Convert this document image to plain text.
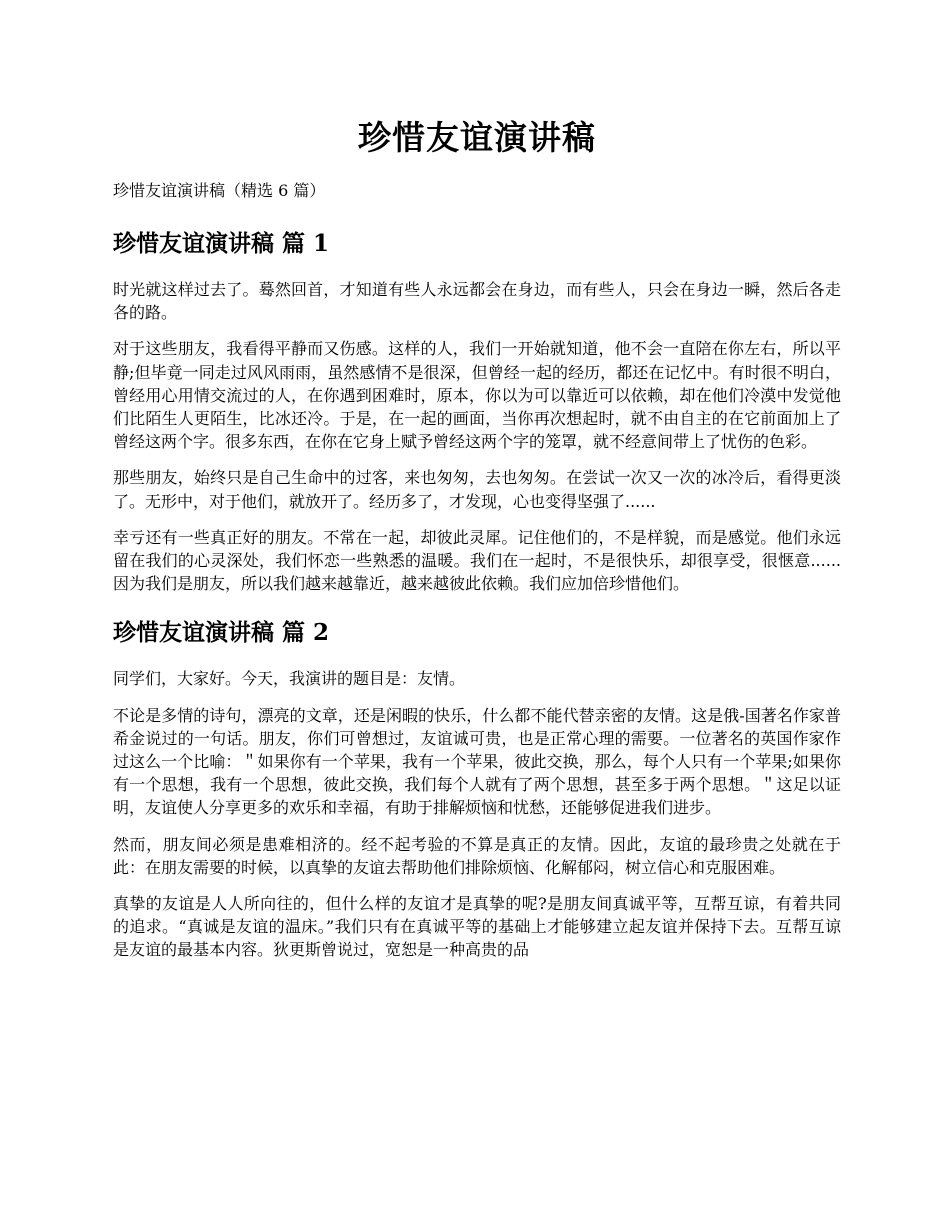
珍惜友谊演讲稿

珍惜友谊演讲稿（精选 6 篇）

珍惜友谊演讲稿 篇 1

时光就这样过去了。蓦然回首，才知道有些人永远都会在身边，而有些人，只会在身边一瞬，然后各走各的路。

对于这些朋友，我看得平静而又伤感。这样的人，我们一开始就知道，他不会一直陪在你左右，所以平静;但毕竟一同走过风风雨雨，虽然感情不是很深，但曾经一起的经历，都还在记忆中。有时很不明白，曾经用心用情交流过的人，在你遇到困难时，原本，你以为可以靠近可以依赖，却在他们冷漠中发觉他们比陌生人更陌生，比冰还冷。于是，在一起的画面，当你再次想起时，就不由自主的在它前面加上了曾经这两个字。很多东西，在你在它身上赋予曾经这两个字的笼罩，就不经意间带上了忧伤的色彩。

那些朋友，始终只是自己生命中的过客，来也匆匆，去也匆匆。在尝试一次又一次的冰冷后，看得更淡了。无形中，对于他们，就放开了。经历多了，才发现，心也变得坚强了......

幸亏还有一些真正好的朋友。不常在一起，却彼此灵犀。记住他们的，不是样貌，而是感觉。他们永远留在我们的心灵深处，我们怀恋一些熟悉的温暖。我们在一起时，不是很快乐，却很享受，很惬意......因为我们是朋友，所以我们越来越靠近，越来越彼此依赖。我们应加倍珍惜他们。

珍惜友谊演讲稿 篇 2

同学们，大家好。今天，我演讲的题目是：友情。

不论是多情的诗句，漂亮的文章，还是闲暇的快乐，什么都不能代替亲密的友情。这是俄-国著名作家普希金说过的一句话。朋友，你们可曾想过，友谊诚可贵，也是正常心理的需要。一位著名的英国作家作过这么一个比喻：＂如果你有一个苹果，我有一个苹果，彼此交换，那么，每个人只有一个苹果;如果你有一个思想，我有一个思想，彼此交换，我们每个人就有了两个思想，甚至多于两个思想。＂这足以证明，友谊使人分享更多的欢乐和幸福，有助于排解烦恼和忧愁，还能够促进我们进步。

然而，朋友间必须是患难相济的。经不起考验的不算是真正的友情。因此，友谊的最珍贵之处就在于此：在朋友需要的时候，以真挚的友谊去帮助他们排除烦恼、化解郁闷，树立信心和克服困难。

真挚的友谊是人人所向往的，但什么样的友谊才是真挚的呢?是朋友间真诚平等，互帮互谅，有着共同的追求。“真诚是友谊的温床。”我们只有在真诚平等的基础上才能够建立起友谊并保持下去。互帮互谅是友谊的最基本内容。狄更斯曾说过，宽恕是一种高贵的品
